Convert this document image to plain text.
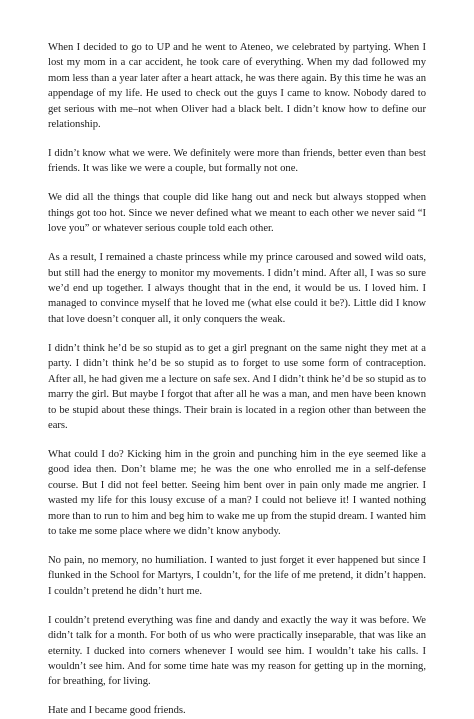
When I decided to go to UP and he went to Ateneo, we celebrated by partying. When I lost my mom in a car accident, he took care of everything. When my dad followed my mom less than a year later after a heart attack, he was there again. By this time he was an appendage of my life. He used to check out the guys I came to know. Nobody dared to get serious with me–not when Oliver had a black belt. I didn’t know how to define our relationship.

I didn’t know what we were. We definitely were more than friends, better even than best friends. It was like we were a couple, but formally not one.

We did all the things that couple did like hang out and neck but always stopped when things got too hot. Since we never defined what we meant to each other we never said “I love you” or whatever serious couple told each other.

As a result, I remained a chaste princess while my prince caroused and sowed wild oats, but still had the energy to monitor my movements. I didn’t mind. After all, I was so sure we’d end up together. I always thought that in the end, it would be us. I loved him. I managed to convince myself that he loved me (what else could it be?). Little did I know that love doesn’t conquer all, it only conquers the weak.

I didn’t think he’d be so stupid as to get a girl pregnant on the same night they met at a party. I didn’t think he’d be so stupid as to forget to use some form of contraception. After all, he had given me a lecture on safe sex. And I didn’t think he’d be so stupid as to marry the girl. But maybe I forgot that after all he was a man, and men have been known to be stupid about these things. Their brain is located in a region other than between the ears.

What could I do? Kicking him in the groin and punching him in the eye seemed like a good idea then. Don’t blame me; he was the one who enrolled me in a self-defense course. But I did not feel better. Seeing him bent over in pain only made me angrier. I wasted my life for this lousy excuse of a man? I could not believe it! I wanted nothing more than to run to him and beg him to wake me up from the stupid dream. I wanted him to take me some place where we didn’t know anybody.

No pain, no memory, no humiliation. I wanted to just forget it ever happened but since I flunked in the School for Martyrs, I couldn’t, for the life of me pretend, it didn’t happen. I couldn’t pretend he didn’t hurt me.

I couldn’t pretend everything was fine and dandy and exactly the way it was before. We didn’t talk for a month. For both of us who were practically inseparable, that was like an eternity. I ducked into corners whenever I would see him. I wouldn’t take his calls. I wouldn’t see him. And for some time hate was my reason for getting up in the morning, for breathing, for living.

Hate and I became good friends.
